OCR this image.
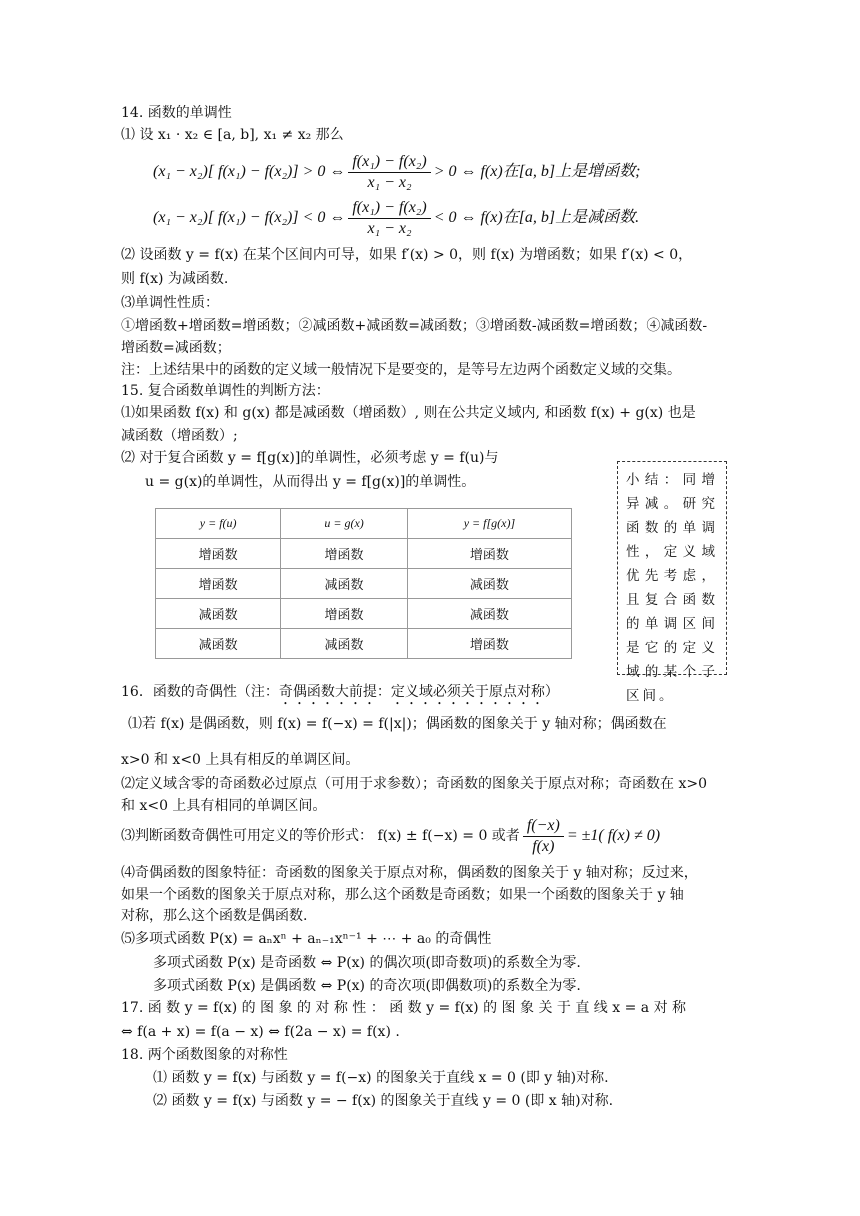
14. 函数的单调性
⑴ 设 x₁ · x₂ ∈ [a, b], x₁ ≠ x₂ 那么
(x₁ − x₂)[ f(x₁) − f(x₂)] > 0 ⇔ $\frac{\text{f(x₁) − f(x₂)}}{\text{x₁ − x₂}} > 0$ ⇔ f(x)在[a, b]上是增函数;
(x₁ − x₂)[ f(x₁) − f(x₂)] < 0 ⇔ $\frac{\text{f(x₁) − f(x₂)}}{\text{x₁ − x₂}} < 0$ ⇔ f(x)在[a, b]上是减函数.
⑵ 设函数 y = f(x) 在某个区间内可导，如果 f′(x) > 0，则 f(x) 为增函数；如果 f′(x) < 0，
则 f(x) 为减函数.
⑶单调性性质：
①增函数+增函数=增函数；②减函数+减函数=减函数；③增函数-减函数=增函数；④减函数-
增函数=减函数；
注：上述结果中的函数的定义域一般情况下是要变的，是等号左边两个函数定义域的交集。
15. 复合函数单调性的判断方法：
⑴如果函数 f(x) 和 g(x) 都是减函数（增函数）, 则在公共定义域内, 和函数 f(x) + g(x) 也是
减函数（增函数）;
⑵ 对于复合函数 y = f[g(x)]的单调性，必须考虑 y = f(u)与
u = g(x)的单调性，从而得出 y = f[g(x)]的单调性。
y = f(u)	u = g(x)	y = f[g(x)]
增函数	增函数	增函数
增函数	减函数	减函数
减函数	增函数	减函数
减函数	减函数	增函数
小结：同增异减。研究函数的单调性，定义域优先考虑，且复合函数的单调区间是它的定义域的某个子区间。
16．函数的奇偶性（注：奇偶函数大前提：定义域必须关于原点对称）
⑴若 f(x) 是偶函数，则 f(x) = f(−x) = f(|x|)；偶函数的图象关于 y 轴对称；偶函数在
x>0 和 x<0 上具有相反的单调区间。
⑵定义域含零的奇函数必过原点（可用于求参数）；奇函数的图象关于原点对称；奇函数在 x>0
和 x<0 上具有相同的单调区间。
⑶判断函数奇偶性可用定义的等价形式： f(x) ± f(−x) = 0 或者 $\frac{f(-x)}{f(x)} = \pm 1$( f(x) ≠ 0)
⑷奇偶函数的图象特征：奇函数的图象关于原点对称，偶函数的图象关于 y 轴对称；反过来，
如果一个函数的图象关于原点对称，那么这个函数是奇函数；如果一个函数的图象关于 y 轴
对称，那么这个函数是偶函数.
⑸多项式函数 P(x) = aₙxⁿ + aₙ₋₁xⁿ⁻¹ + ⋯ + a₀ 的奇偶性
多项式函数 P(x) 是奇函数 ⇔ P(x) 的偶次项(即奇数项)的系数全为零.
多项式函数 P(x) 是偶函数 ⇔ P(x) 的奇次项(即偶数项)的系数全为零.
17. 函 数 y = f(x) 的 图 象 的 对 称 性 ： 函 数 y = f(x) 的 图 象 关 于 直 线 x = a 对 称
⇔ f(a + x) = f(a − x) ⇔ f(2a − x) = f(x) .
18. 两个函数图象的对称性
⑴ 函数 y = f(x) 与函数 y = f(−x) 的图象关于直线 x = 0 (即 y 轴)对称.
⑵ 函数 y = f(x) 与函数 y = − f(x) 的图象关于直线 y = 0 (即 x 轴)对称.
